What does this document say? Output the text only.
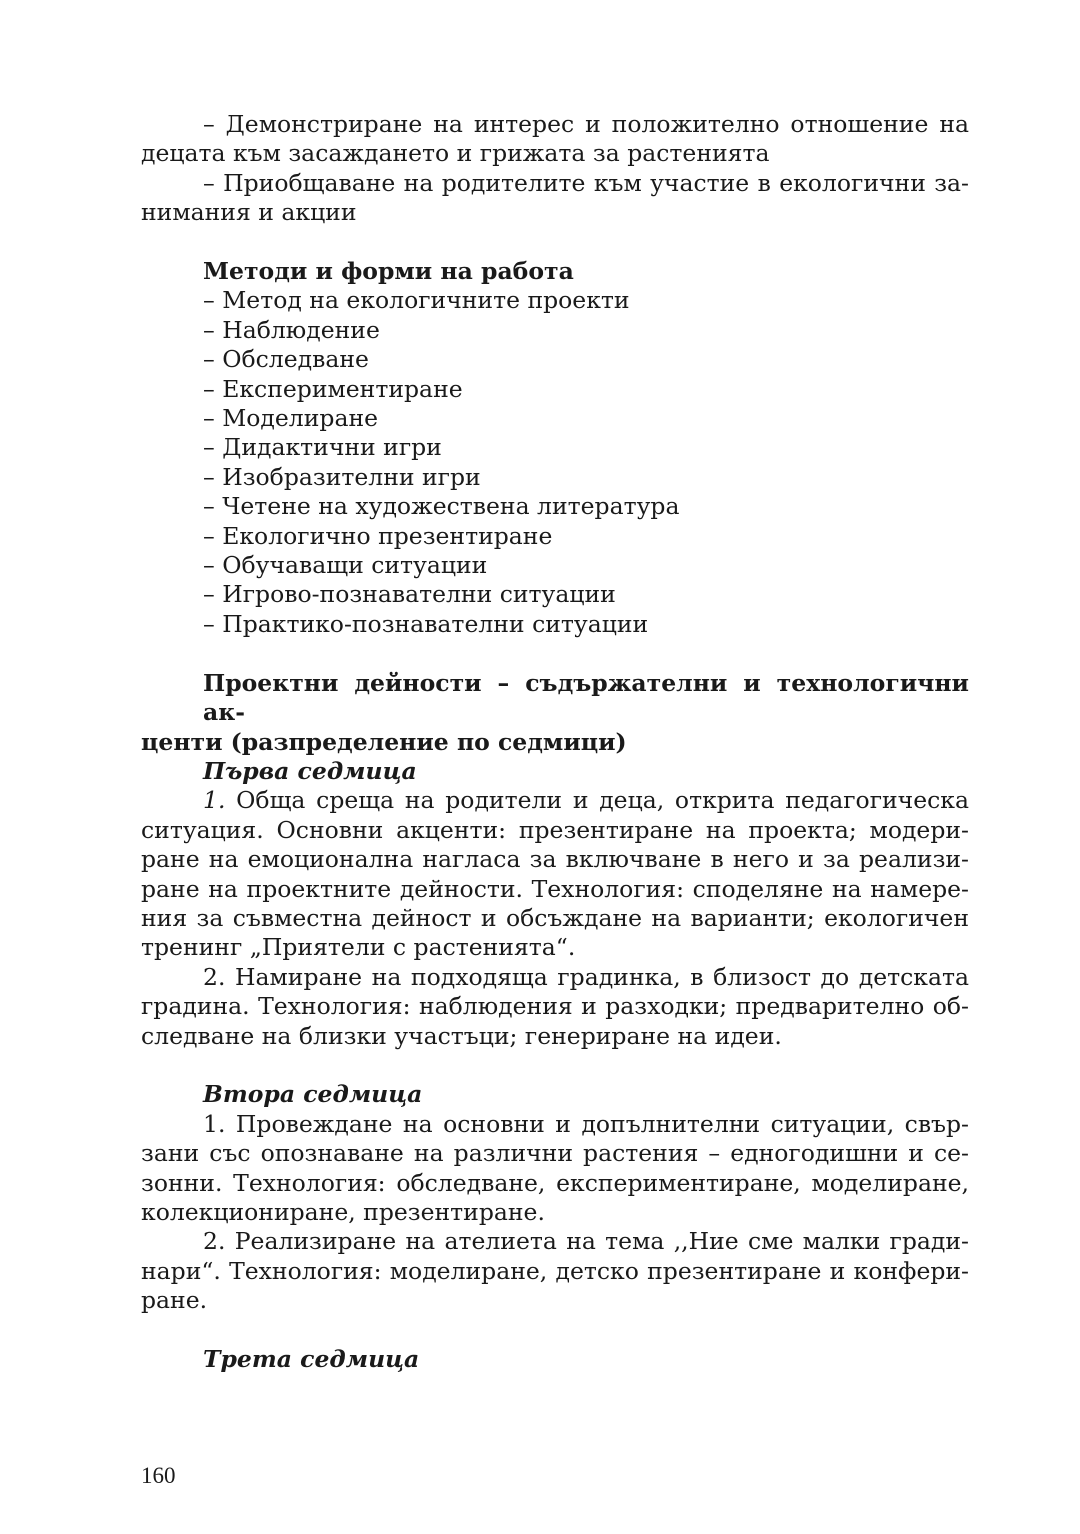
– Демонстриране на интерес и положително отношение на

децата към засаждането и грижата за растенията

– Приобщаване на родителите към участие в екологични за-

нимания и акции

Методи и форми на работа

– Метод на екологичните проекти

– Наблюдение

– Обследване

– Експериментиране

– Моделиране

– Дидактични игри

– Изобразителни игри

– Четене на художествена литература

– Екологично презентиране

– Обучаващи ситуации

– Игрово-познавателни ситуации

– Практико-познавателни ситуации

Проектни дейности – съдържателни и технологични ак-

центи (разпределение по седмици)

Първа седмица

1. Обща среща на родители и деца, открита педагогическа

ситуация. Основни акценти: презентиране на проекта; модери-

ране на емоционална нагласа за включване в него и за реализи-

ране на проектните дейности. Технология: споделяне на намере-

ния за съвместна дейност и обсъждане на варианти; екологичен

тренинг „Приятели с растенията“.

2. Намиране на подходяща градинка, в близост до детската

градина. Технология: наблюдения и разходки; предварително об-

следване на близки участъци; генериране на идеи.

Втора седмица

1. Провеждане на основни и допълнителни ситуации, свър-

зани със опознаване на различни растения – едногодишни и се-

зонни. Технология: обследване, експериментиране, моделиране,

колекциониране, презентиране.

2. Реализиране на ателиета на тема ,,Ние сме малки гради-

нари“. Технология: моделиране, детско презентиране и конфери-

ране.

Трета седмица

160
